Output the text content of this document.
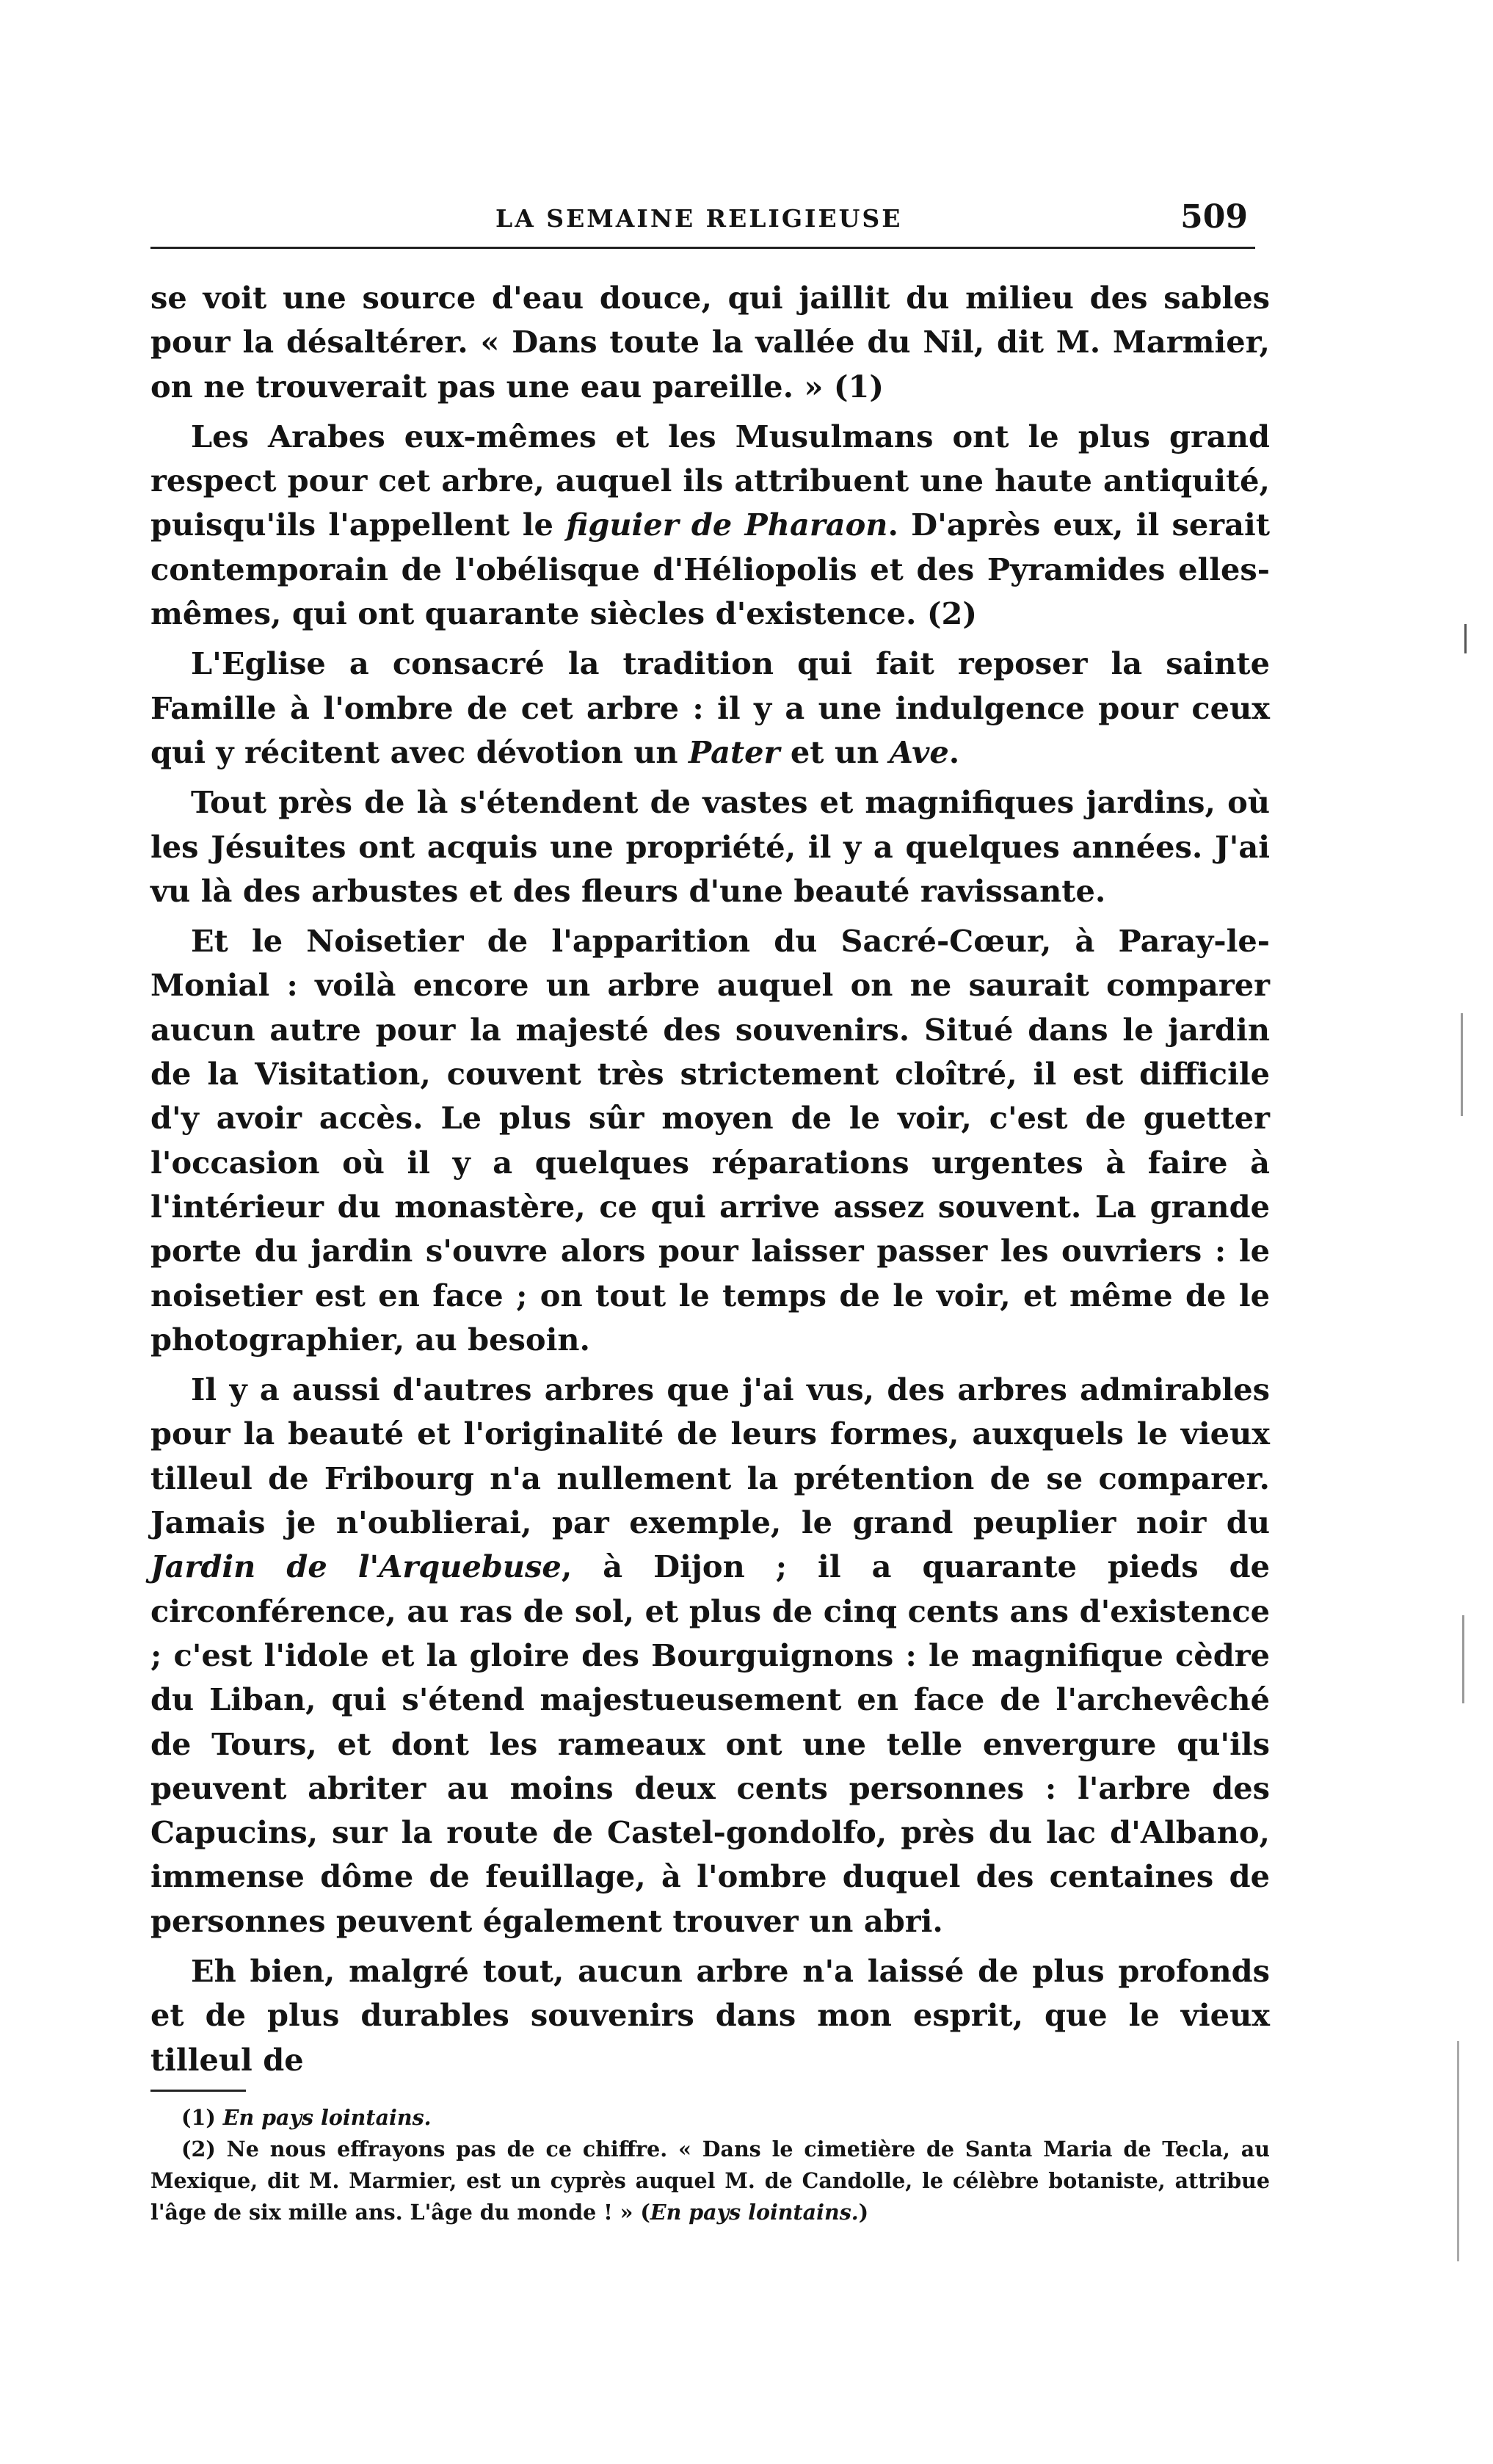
LA SEMAINE RELIGIEUSE	509

se voit une source d'eau douce, qui jaillit du milieu des sables pour la désaltérer. « Dans toute la vallée du Nil, dit M. Marmier, on ne trouverait pas une eau pareille. » (1)

Les Arabes eux-mêmes et les Musulmans ont le plus grand respect pour cet arbre, auquel ils attribuent une haute antiquité, puisqu'ils l'appellent le figuier de Pharaon. D'après eux, il serait contemporain de l'obélisque d'Héliopolis et des Pyramides elles-mêmes, qui ont quarante siècles d'existence. (2)

L'Eglise a consacré la tradition qui fait reposer la sainte Famille à l'ombre de cet arbre : il y a une indulgence pour ceux qui y récitent avec dévotion un Pater et un Ave.

Tout près de là s'étendent de vastes et magnifiques jardins, où les Jésuites ont acquis une propriété, il y a quelques années. J'ai vu là des arbustes et des fleurs d'une beauté ravissante.

Et le Noisetier de l'apparition du Sacré-Cœur, à Paray-le-Monial : voilà encore un arbre auquel on ne saurait comparer aucun autre pour la majesté des souvenirs. Situé dans le jardin de la Visitation, couvent très strictement cloîtré, il est difficile d'y avoir accès. Le plus sûr moyen de le voir, c'est de guetter l'occasion où il y a quelques réparations urgentes à faire à l'intérieur du monastère, ce qui arrive assez souvent. La grande porte du jardin s'ouvre alors pour laisser passer les ouvriers : le noisetier est en face ; on tout le temps de le voir, et même de le photographier, au besoin.

Il y a aussi d'autres arbres que j'ai vus, des arbres admirables pour la beauté et l'originalité de leurs formes, auxquels le vieux tilleul de Fribourg n'a nullement la prétention de se comparer. Jamais je n'oublierai, par exemple, le grand peuplier noir du Jardin de l'Arquebuse, à Dijon ; il a quarante pieds de circonférence, au ras de sol, et plus de cinq cents ans d'existence ; c'est l'idole et la gloire des Bourguignons : le magnifique cèdre du Liban, qui s'étend majestueusement en face de l'archevêché de Tours, et dont les rameaux ont une telle envergure qu'ils peuvent abriter au moins deux cents personnes : l'arbre des Capucins, sur la route de Castel-gondolfo, près du lac d'Albano, immense dôme de feuillage, à l'ombre duquel des centaines de personnes peuvent également trouver un abri.

Eh bien, malgré tout, aucun arbre n'a laissé de plus profonds et de plus durables souvenirs dans mon esprit, que le vieux tilleul de

(1) En pays lointains.

(2) Ne nous effrayons pas de ce chiffre. « Dans le cimetière de Santa Maria de Tecla, au Mexique, dit M. Marmier, est un cyprès auquel M. de Candolle, le célèbre botaniste, attribue l'âge de six mille ans. L'âge du monde ! » (En pays lointains.)
